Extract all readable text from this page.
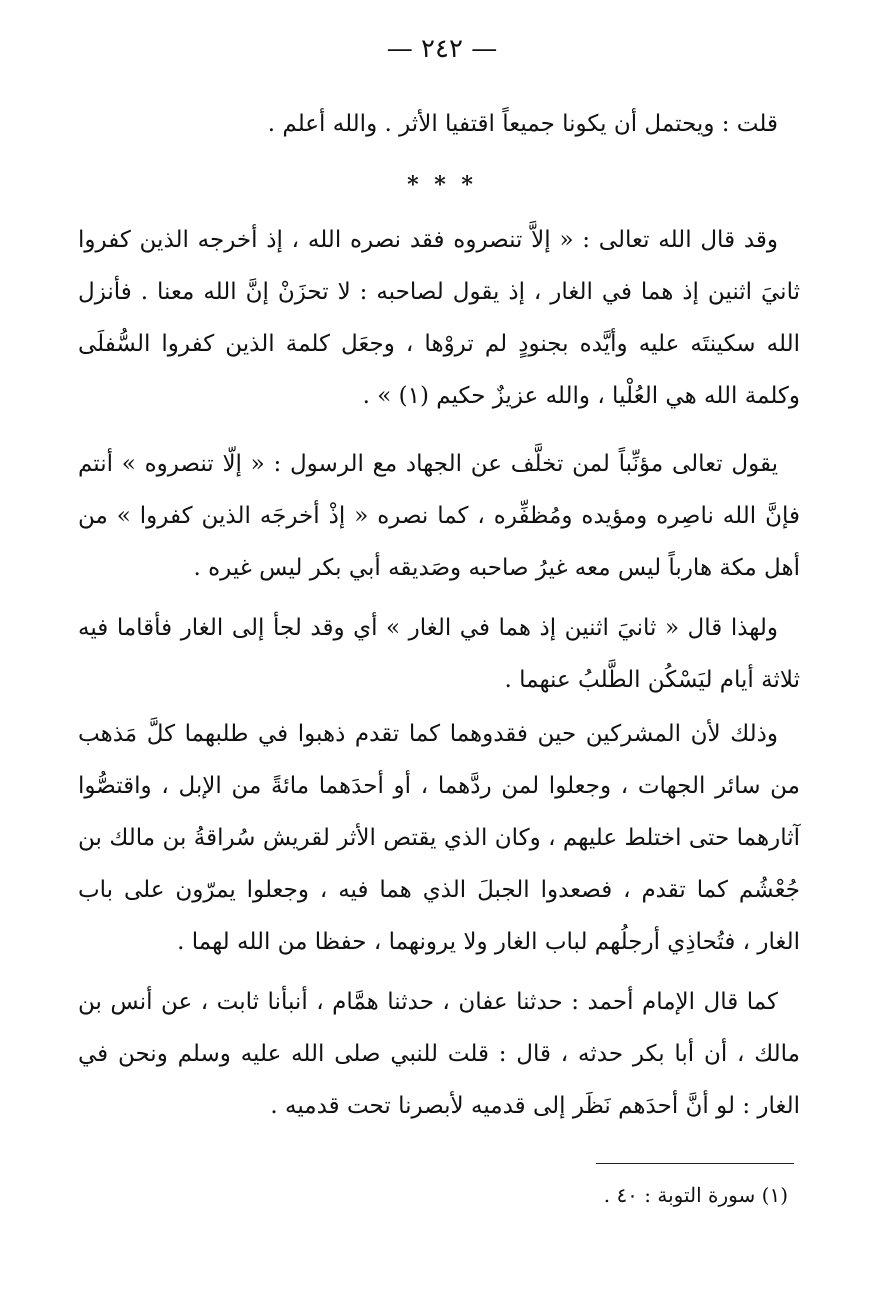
— ٢٤٢ —

قلت : ويحتمل أن يكونا جميعاً اقتفيا الأثر . والله أعلم .

* * *

وقد قال الله تعالى : « إلاَّ تنصروه فقد نصره الله ، إذ أخرجه الذين كفروا ثانيَ اثنين إذ هما في الغار ، إذ يقول لصاحبه : لا تحزَنْ إنَّ الله معنا . فأنزل الله سكينتَه عليه وأيَّده بجنودٍ لم تروْها ، وجعَل كلمة الذين كفروا السُّفلَى وكلمة الله هي العُلْيا ، والله عزيزٌ حكيم (١) » .

يقول تعالى مؤنِّباً لمن تخلَّف عن الجهاد مع الرسول : « إلّا تنصروه » أنتم فإنَّ الله ناصِره ومؤيده ومُظفِّره ، كما نصره « إذْ أخرجَه الذين كفروا » من أهل مكة هارباً ليس معه غيرُ صاحبه وصَديقه أبي بكر ليس غيره .

ولهذا قال « ثانيَ اثنين إذ هما في الغار » أي وقد لجأ إلى الغار فأقاما فيه ثلاثة أيام ليَسْكُن الطَّلبُ عنهما .

وذلك لأن المشركين حين فقدوهما كما تقدم ذهبوا في طلبهما كلَّ مَذهب من سائر الجهات ، وجعلوا لمن ردَّهما ، أو أحدَهما مائةً من الإبل ، واقتصُّوا آثارهما حتى اختلط عليهم ، وكان الذي يقتص الأثر لقريش سُراقةُ بن مالك بن جُعْشُم كما تقدم ، فصعدوا الجبلَ الذي هما فيه ، وجعلوا يمرّون على باب الغار ، فتُحاذِي أرجلُهم لباب الغار ولا يرونهما ، حفظا من الله لهما .

كما قال الإمام أحمد : حدثنا عفان ، حدثنا همَّام ، أنبأنا ثابت ، عن أنس بن مالك ، أن أبا بكر حدثه ، قال : قلت للنبي صلى الله عليه وسلم ونحن في الغار : لو أنَّ أحدَهم نَظَر إلى قدميه لأبصرنا تحت قدميه .

(١) سورة التوبة : ٤٠ .
